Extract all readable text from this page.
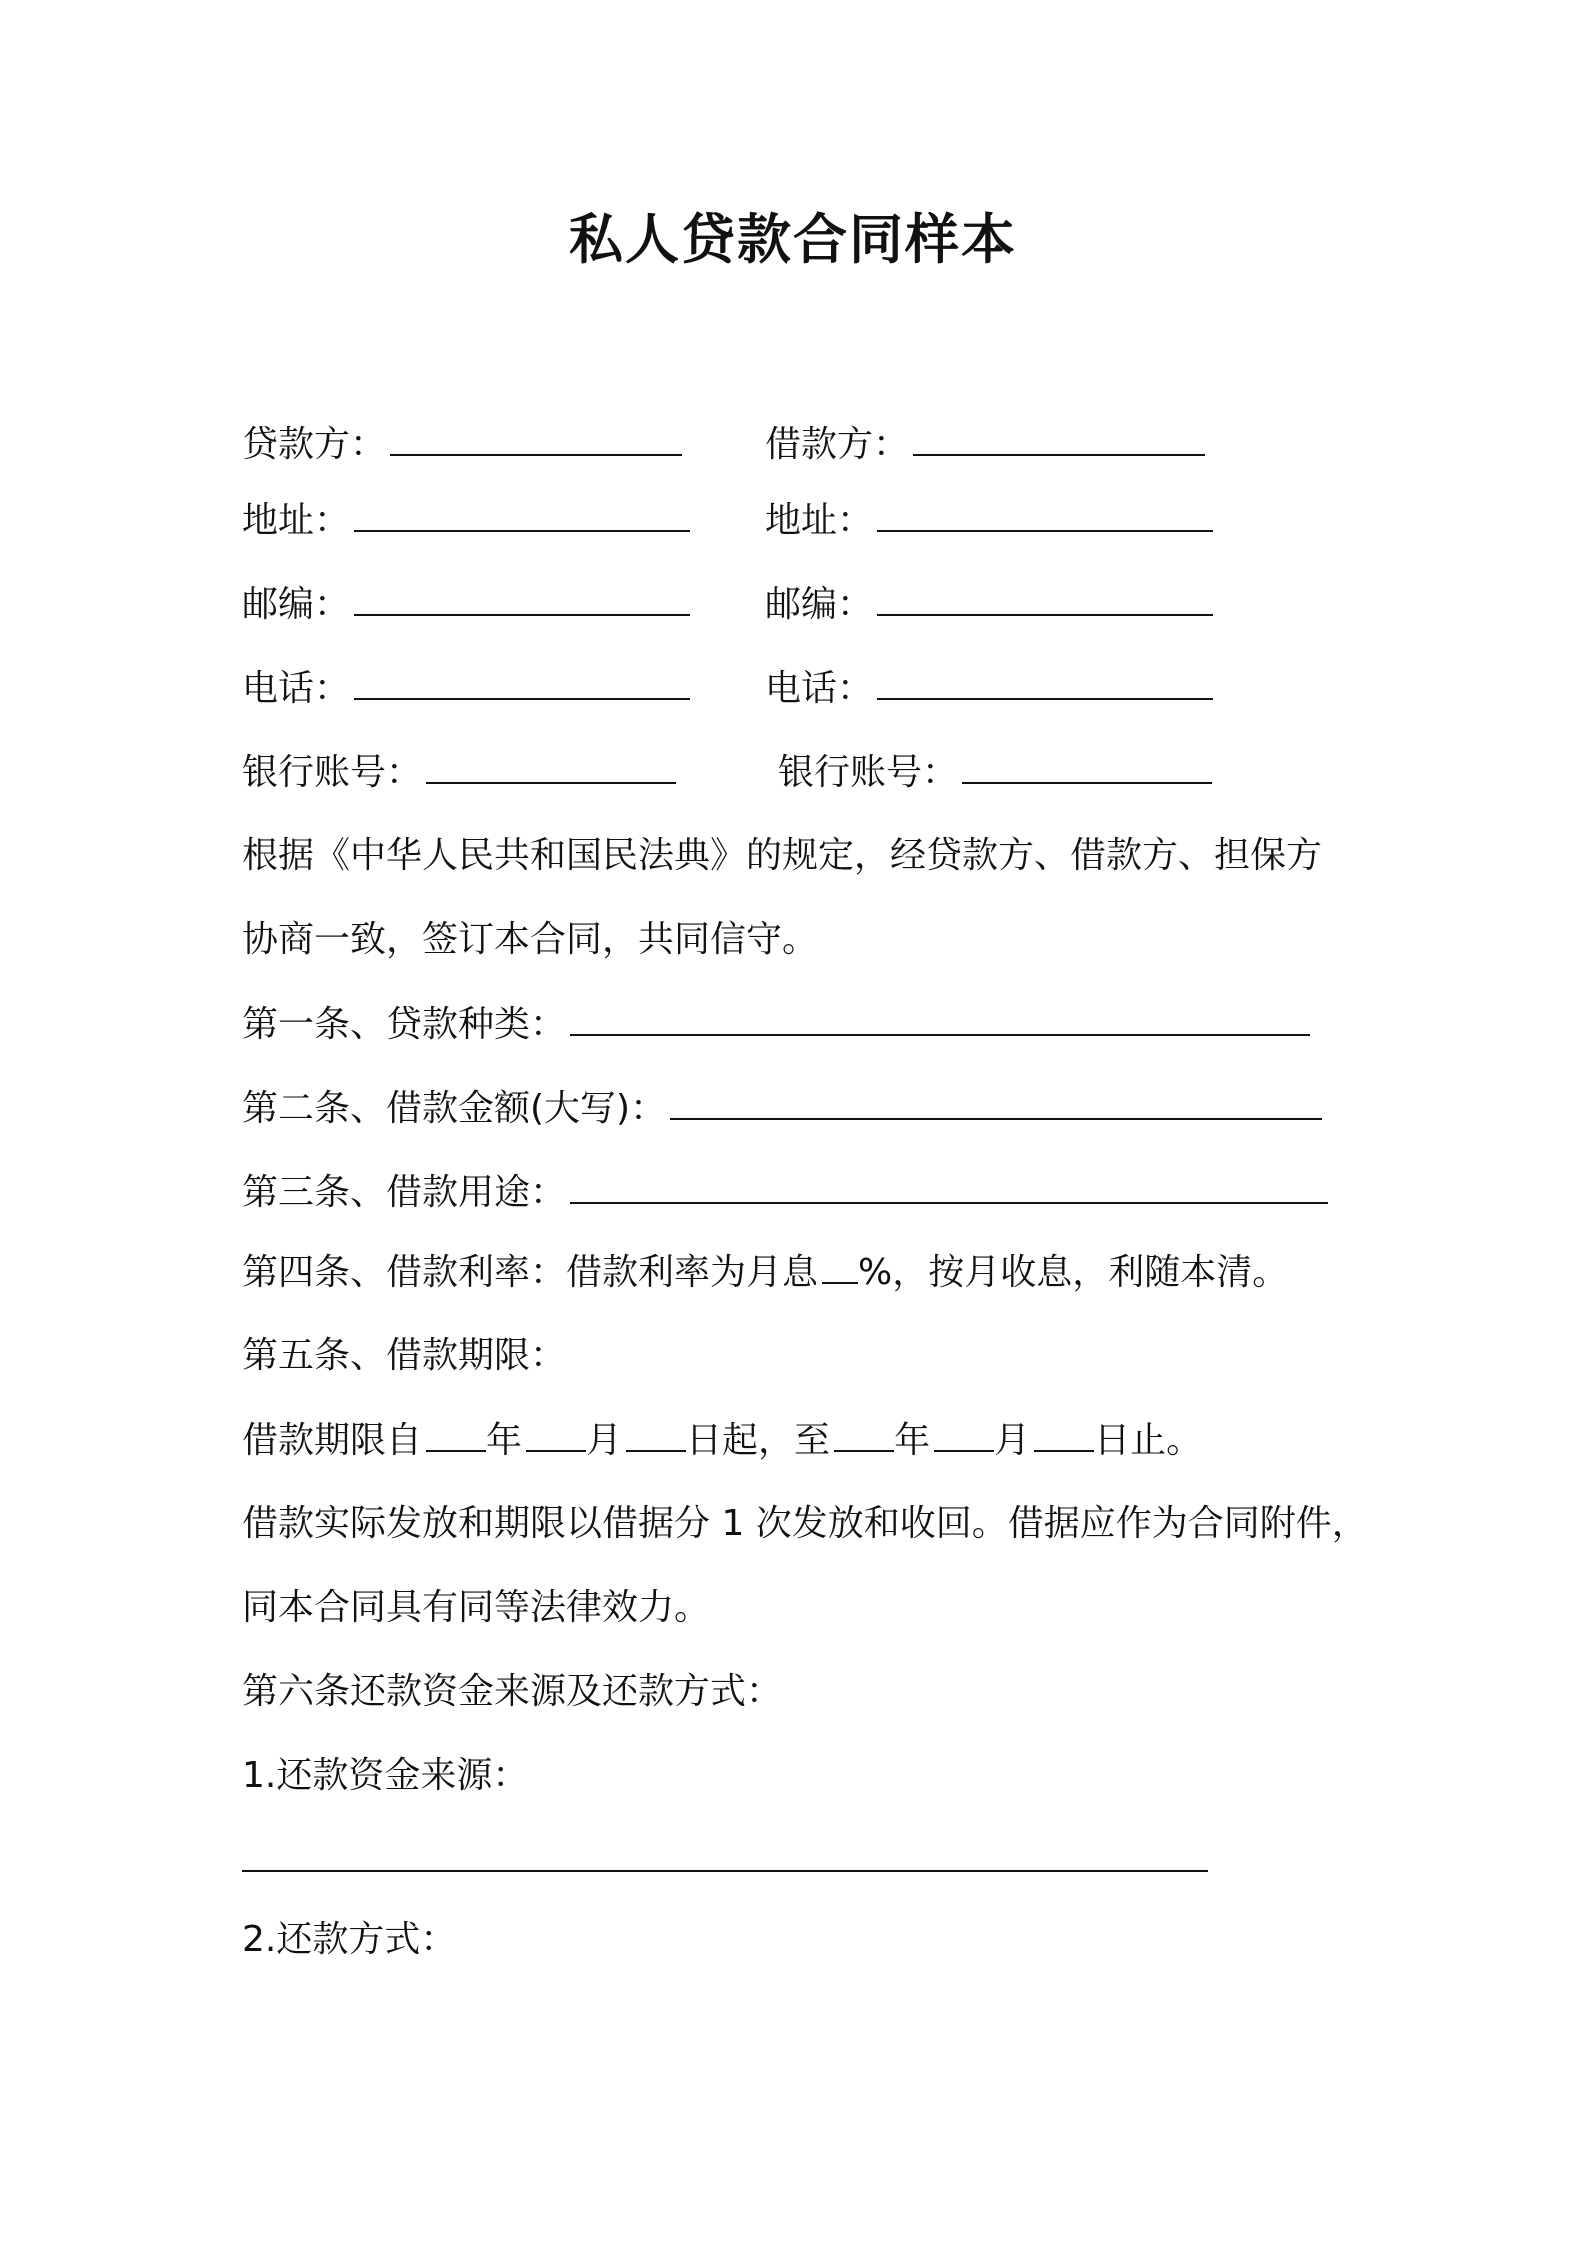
私人贷款合同样本
贷款方：	借款方：
地址：	地址：
邮编：	邮编：
电话：	电话：
银行账号：	银行账号：
根据《中华人民共和国民法典》的规定，经贷款方、借款方、担保方
协商一致，签订本合同，共同信守。
第一条、贷款种类：
第二条、借款金额(大写)：
第三条、借款用途：
第四条、借款利率：借款利率为月息 %，按月收息，利随本清。
第五条、借款期限：
借款期限自 年 月 日起，至 年 月 日止。
借款实际发放和期限以借据分 1 次发放和收回。借据应作为合同附件，
同本合同具有同等法律效力。
第六条还款资金来源及还款方式：
1.还款资金来源：
2.还款方式：
